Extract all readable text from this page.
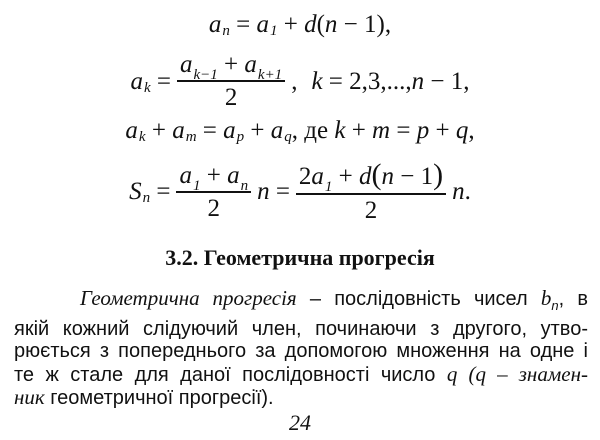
a n = a 1 + d ( n − 1),
a $k = \frac{a_{k-1} + a_{k+1}}{2}$ , k = 2,3,...,n − 1,
a k + a m = a p + a q , де
k + m = p + q ,
S $n = \frac{a_1 + a_n}{2}$ $n = \frac{2a_1 + d(n - 1)}{2}$ n .
3.2. Геометрична прогресія
Геометрична прогресія – послідовність чисел $b_n$, в
якій кожний слідуючий член, починаючи з другого, утво-
рюється з попереднього за допомогою множення на одне і
те ж стале для даної послідовності число q (q – знамен-
ник геометричної прогресії).
24
